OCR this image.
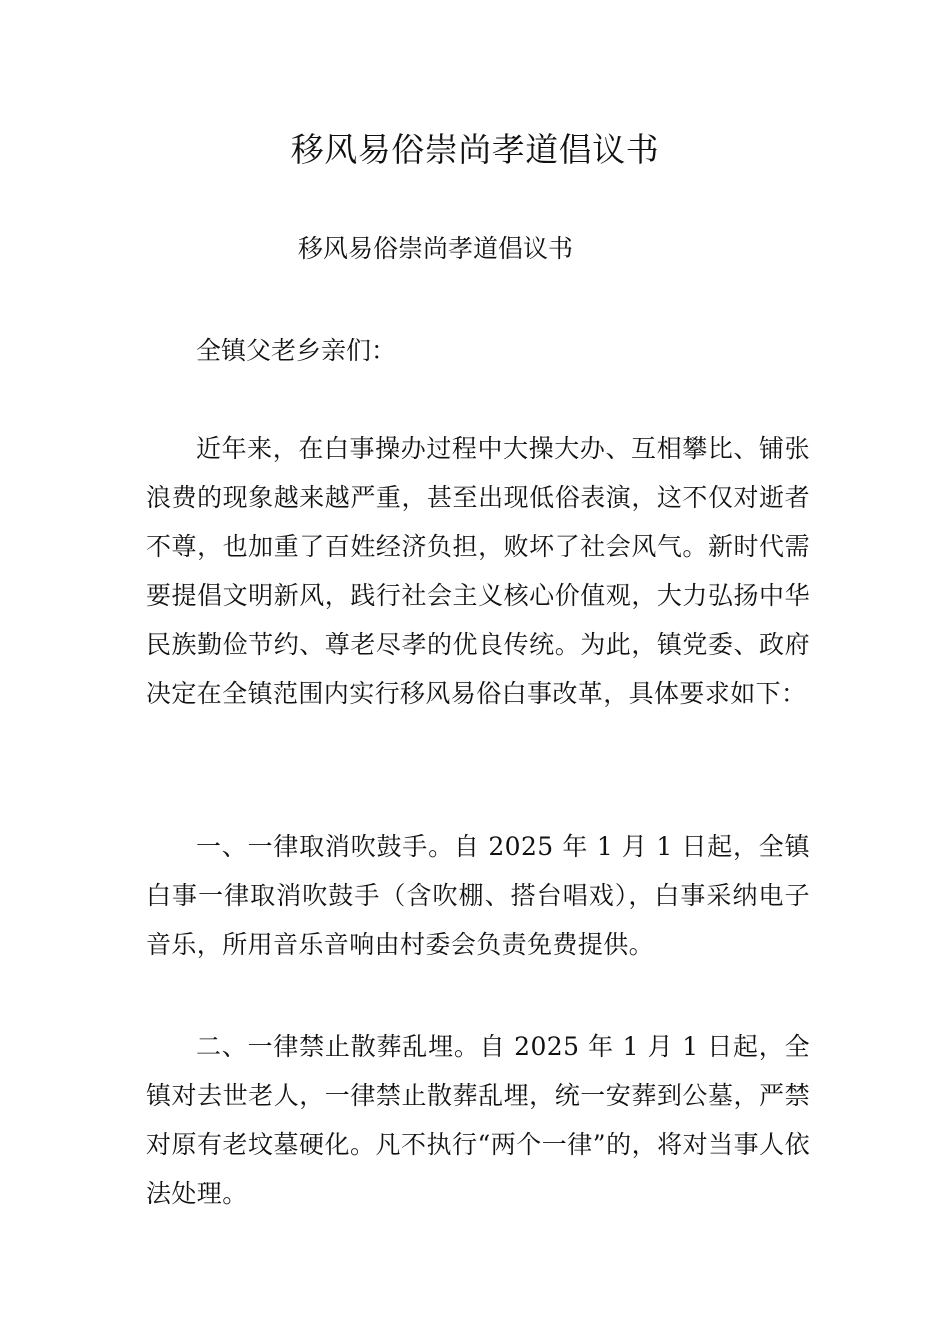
移风易俗崇尚孝道倡议书

移风易俗崇尚孝道倡议书

全镇父老乡亲们：

近年来，在白事操办过程中大操大办、互相攀比、铺张浪费的现象越来越严重，甚至出现低俗表演，这不仅对逝者不尊，也加重了百姓经济负担，败坏了社会风气。新时代需要提倡文明新风，践行社会主义核心价值观，大力弘扬中华民族勤俭节约、尊老尽孝的优良传统。为此，镇党委、政府决定在全镇范围内实行移风易俗白事改革，具体要求如下：

一、一律取消吹鼓手。自 2025 年 1 月 1 日起，全镇白事一律取消吹鼓手（含吹棚、搭台唱戏），白事采纳电子音乐，所用音乐音响由村委会负责免费提供。

二、一律禁止散葬乱埋。自 2025 年 1 月 1 日起，全镇对去世老人，一律禁止散葬乱埋，统一安葬到公墓，严禁对原有老坟墓硬化。凡不执行“两个一律”的，将对当事人依法处理。
